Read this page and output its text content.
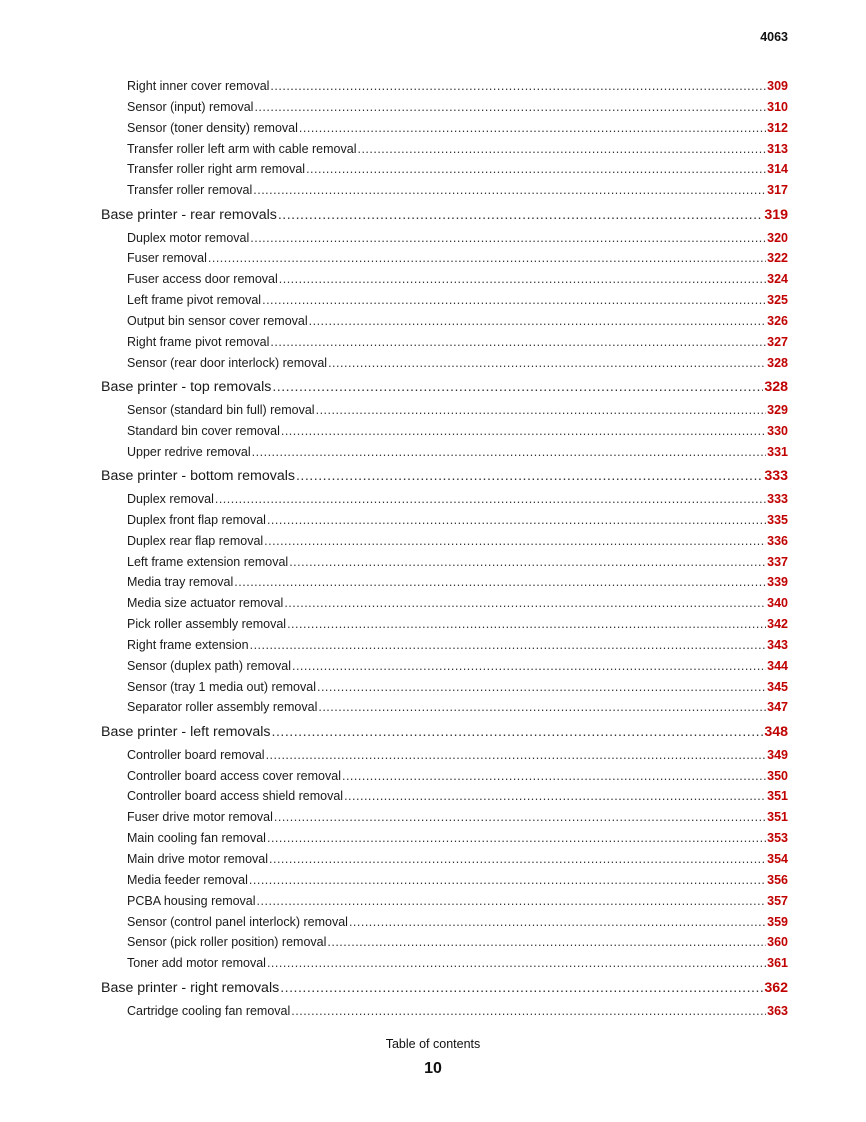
4063
Right inner cover removal .....	309
Sensor (input) removal .....	310
Sensor (toner density) removal .....	312
Transfer roller left arm with cable removal .....	313
Transfer roller right arm removal .....	314
Transfer roller removal .....	317
Base printer - rear removals .....	319
Duplex motor removal .....	320
Fuser removal .....	322
Fuser access door removal .....	324
Left frame pivot removal .....	325
Output bin sensor cover removal .....	326
Right frame pivot removal .....	327
Sensor (rear door interlock) removal .....	328
Base printer - top removals .....	328
Sensor (standard bin full) removal .....	329
Standard bin cover removal .....	330
Upper redrive removal .....	331
Base printer - bottom removals .....	333
Duplex removal .....	333
Duplex front flap removal .....	335
Duplex rear flap removal .....	336
Left frame extension removal .....	337
Media tray removal .....	339
Media size actuator removal .....	340
Pick roller assembly removal .....	342
Right frame extension .....	343
Sensor (duplex path) removal .....	344
Sensor (tray 1 media out) removal .....	345
Separator roller assembly removal .....	347
Base printer - left removals .....	348
Controller board removal .....	349
Controller board access cover removal .....	350
Controller board access shield removal .....	351
Fuser drive motor removal .....	351
Main cooling fan removal .....	353
Main drive motor removal .....	354
Media feeder removal .....	356
PCBA housing removal .....	357
Sensor (control panel interlock) removal .....	359
Sensor (pick roller position) removal .....	360
Toner add motor removal .....	361
Base printer - right removals .....	362
Cartridge cooling fan removal .....	363
Table of contents
10
